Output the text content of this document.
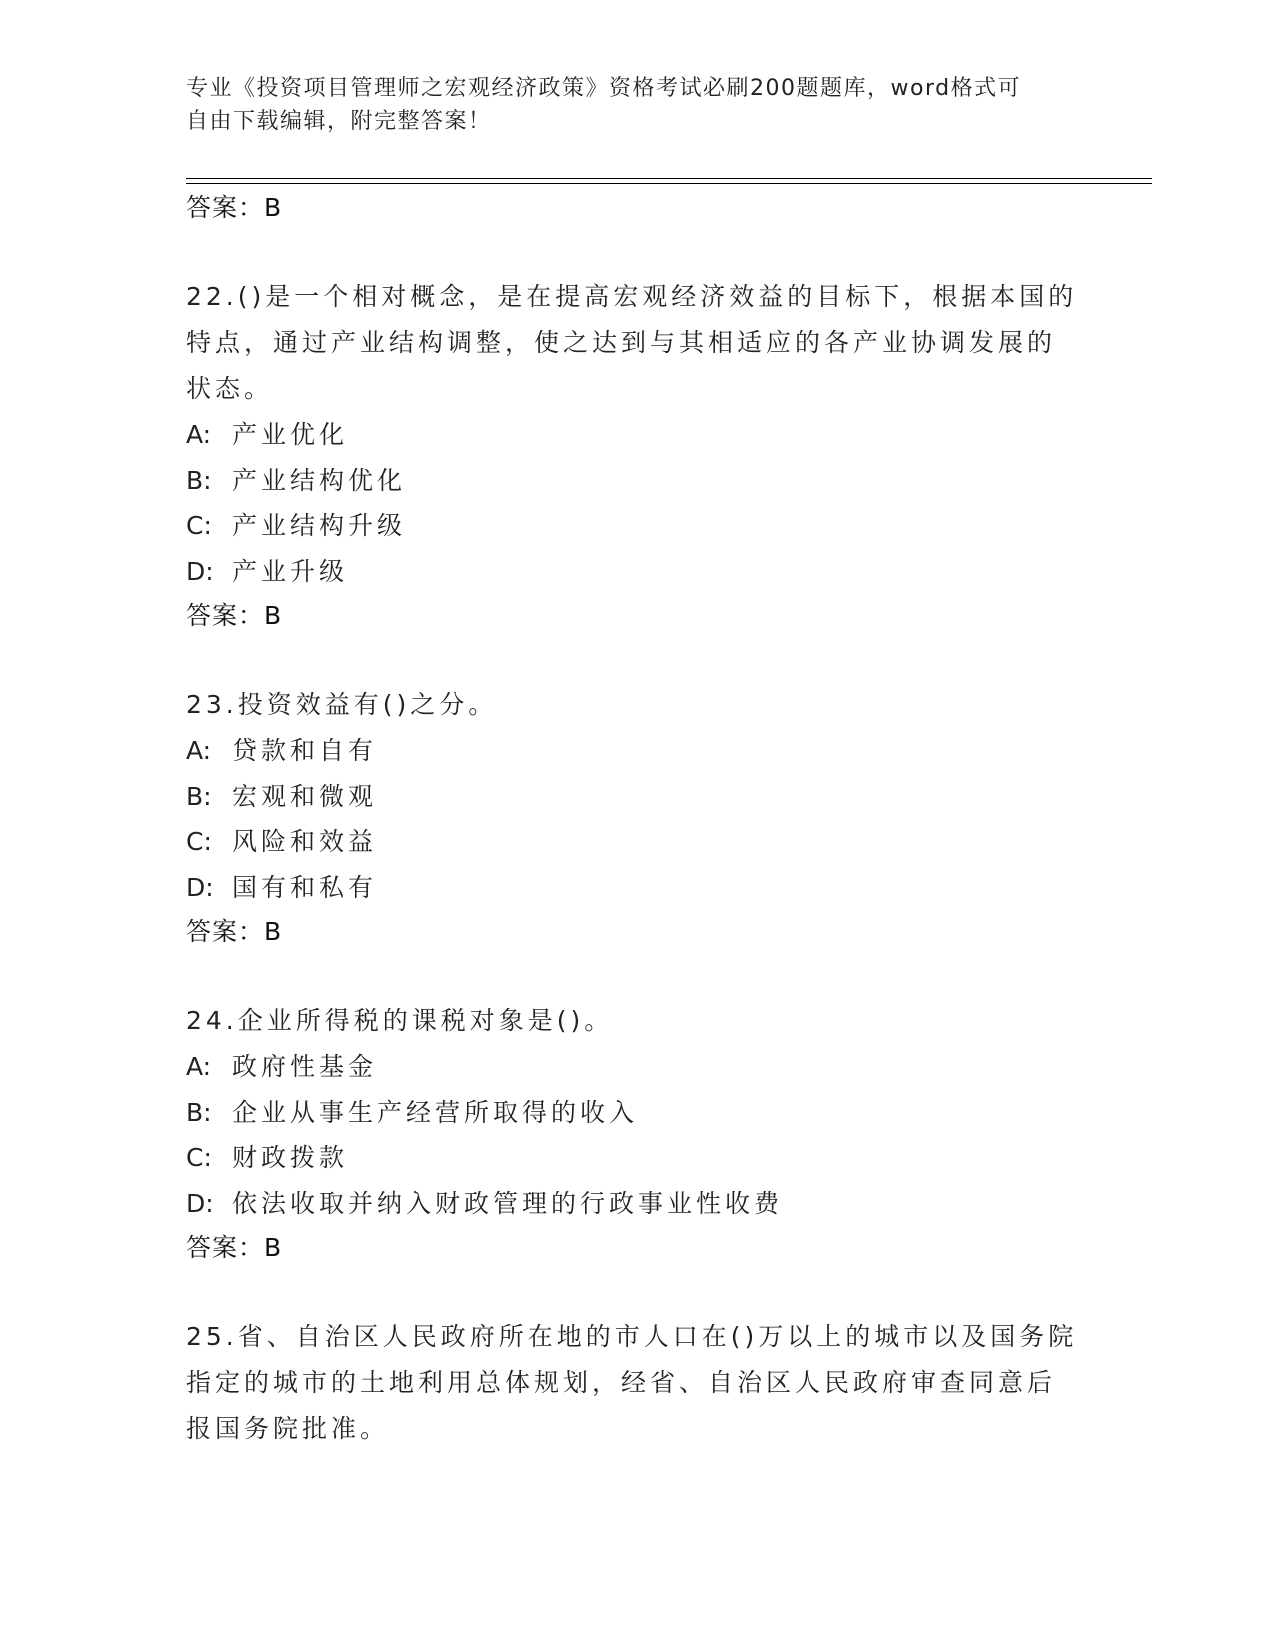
专业《投资项目管理师之宏观经济政策》资格考试必刷200题题库，word格式可
自由下载编辑，附完整答案！

答案：B

22.()是一个相对概念，是在提高宏观经济效益的目标下，根据本国的

特点，通过产业结构调整，使之达到与其相适应的各产业协调发展的

状态。

A: 产业优化

B: 产业结构优化

C: 产业结构升级

D: 产业升级

答案：B

23.投资效益有()之分。

A: 贷款和自有

B: 宏观和微观

C: 风险和效益

D: 国有和私有

答案：B

24.企业所得税的课税对象是()。

A: 政府性基金

B: 企业从事生产经营所取得的收入

C: 财政拨款

D: 依法收取并纳入财政管理的行政事业性收费

答案：B

25.省、自治区人民政府所在地的市人口在()万以上的城市以及国务院

指定的城市的土地利用总体规划，经省、自治区人民政府审查同意后

报国务院批准。
